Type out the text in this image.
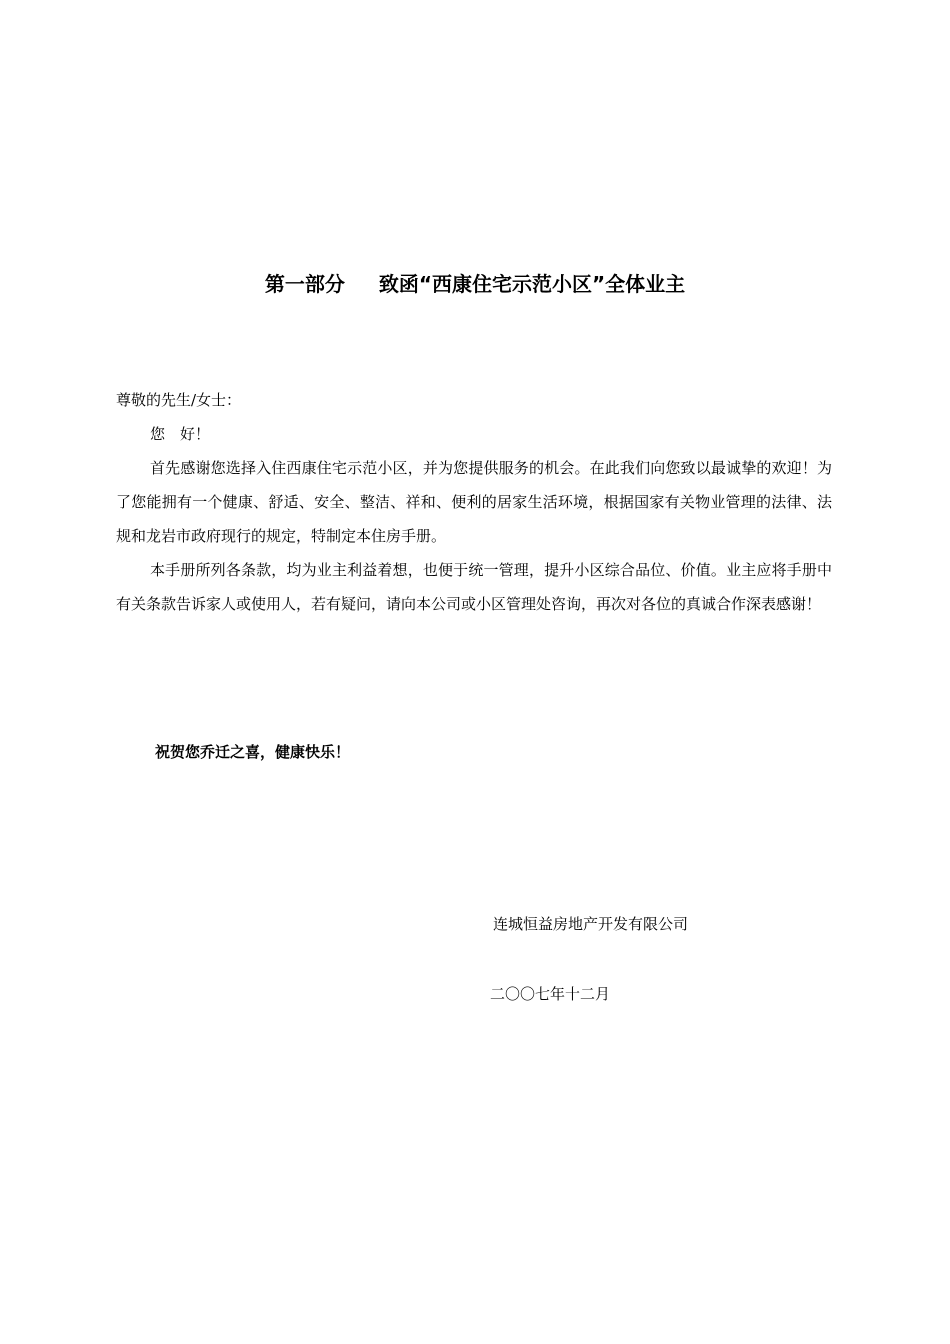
第一部分 致函“西康住宅示范小区”全体业主

尊敬的先生/女士：

您　好！

首先感谢您选择入住西康住宅示范小区，并为您提供服务的机会。在此我们向您致以最诚挚的欢迎！为了您能拥有一个健康、舒适、安全、整洁、祥和、便利的居家生活环境，根据国家有关物业管理的法律、法规和龙岩市政府现行的规定，特制定本住房手册。

本手册所列各条款，均为业主利益着想，也便于统一管理，提升小区综合品位、价值。业主应将手册中有关条款告诉家人或使用人，若有疑问，请向本公司或小区管理处咨询，再次对各位的真诚合作深表感谢！

祝贺您乔迁之喜，健康快乐！
连城恒益房地产开发有限公司
二〇〇七年十二月
